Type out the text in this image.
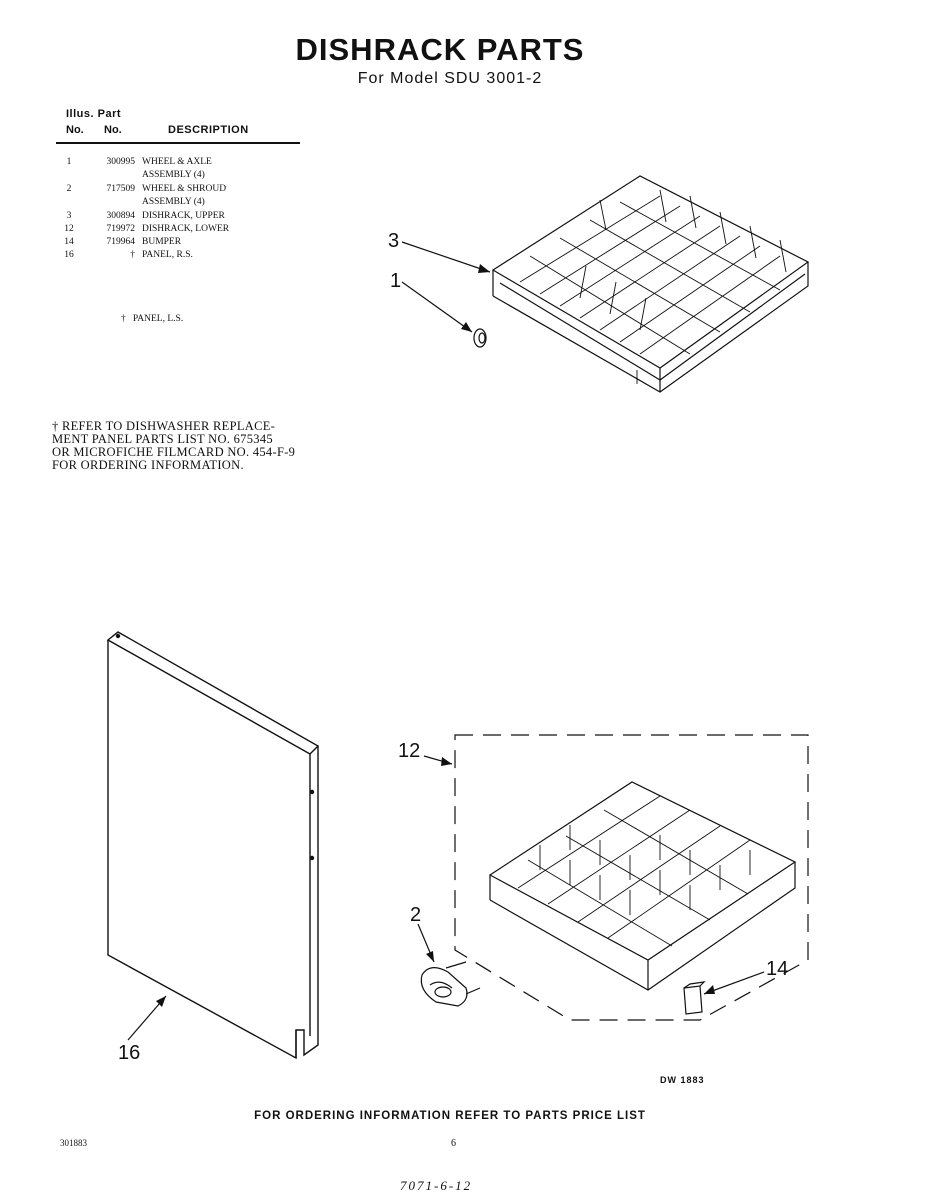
DISHRACK PARTS
For Model SDU 3001-2
Illus. Part
No. No.	DESCRIPTION
1	300995 WHEEL & AXLE
ASSEMBLY (4)
2	717509 WHEEL & SHROUD
ASSEMBLY (4)
3	300894 DISHRACK, UPPER
12	719972 DISHRACK, LOWER
14	719964 BUMPER
16	† PANEL, R.S.
†   PANEL, L.S.
† REFER TO DISHWASHER REPLACE-
MENT PANEL PARTS LIST NO. 675345
OR MICROFICHE FILMCARD NO. 454-F-9
FOR ORDERING INFORMATION.
3
1
12
2
14
16
DW 1883
FOR ORDERING INFORMATION REFER TO PARTS PRICE LIST
301883	6
7071-6-12
